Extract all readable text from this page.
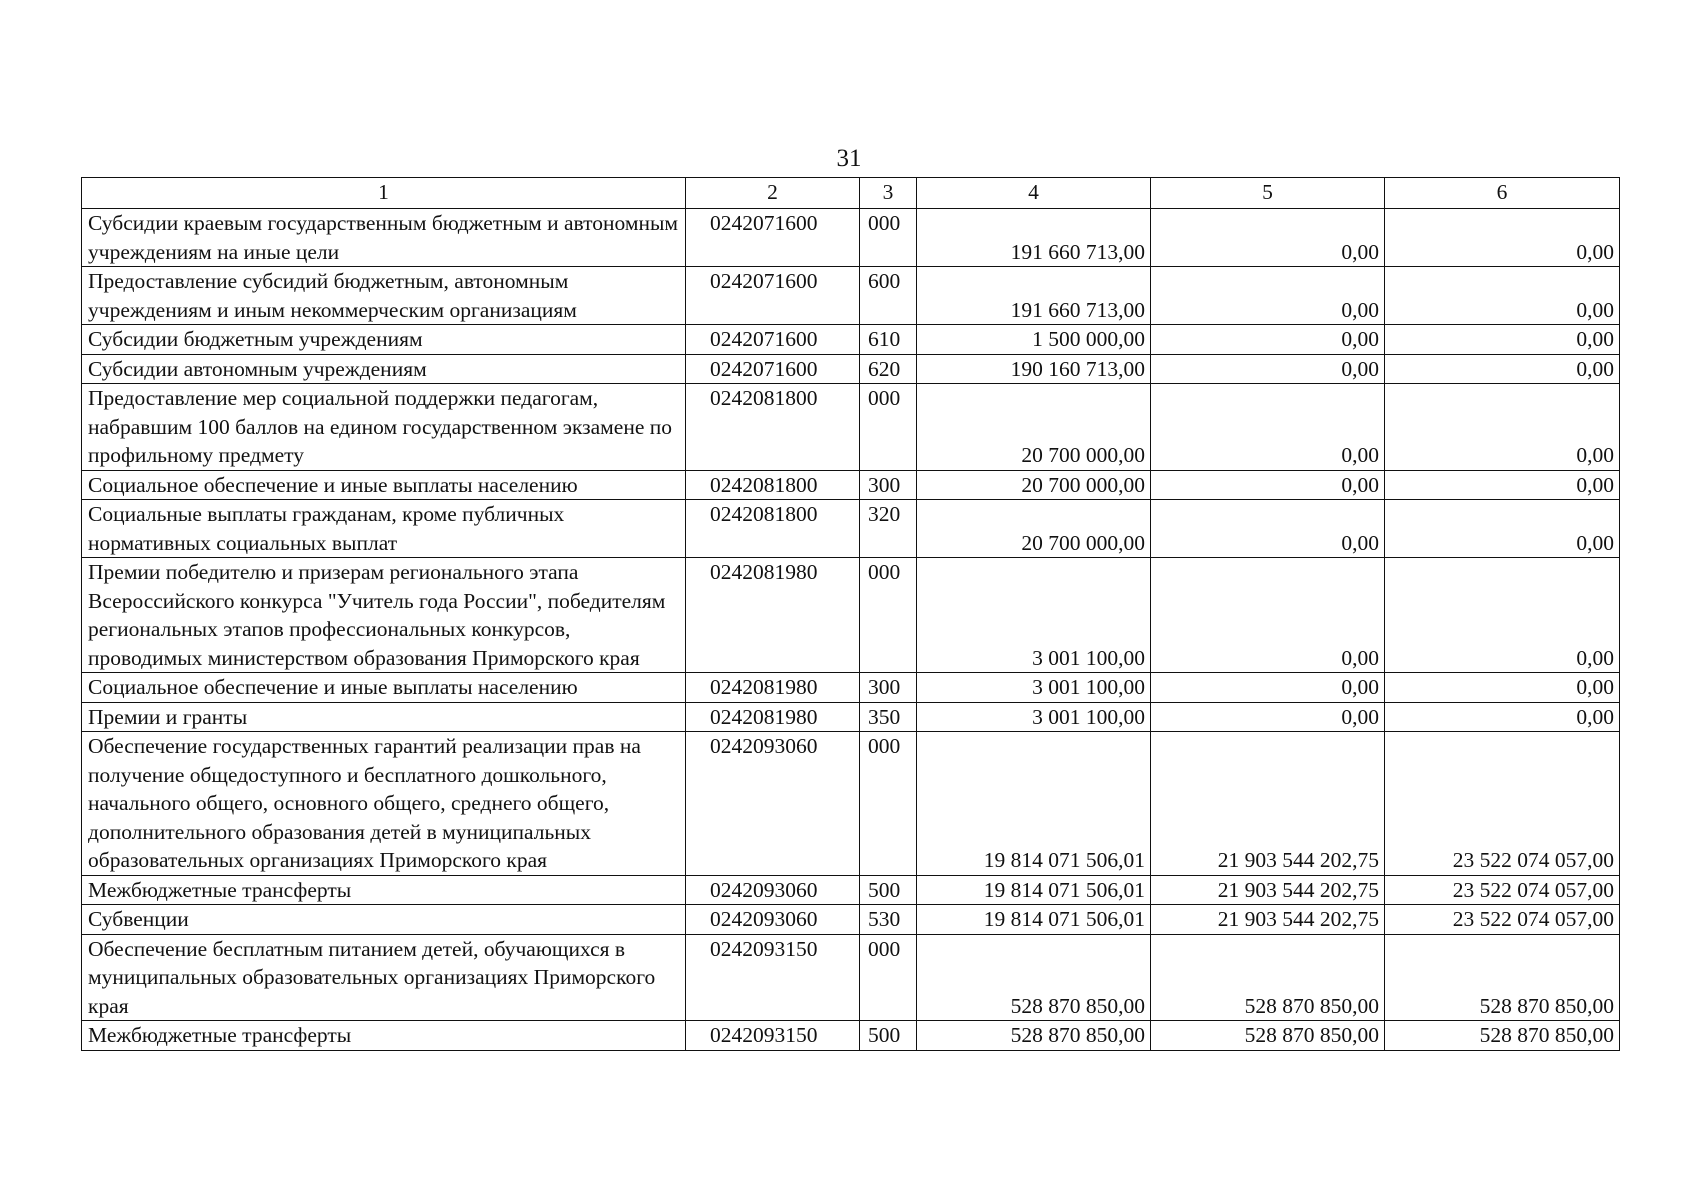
31
1	2	3	4	5	6
Субсидии краевым государственным бюджетным и автономным учреждениям на иные цели	0242071600	000	191 660 713,00	0,00	0,00
Предоставление субсидий бюджетным, автономным учреждениям и иным некоммерческим организациям	0242071600	600	191 660 713,00	0,00	0,00
Субсидии бюджетным учреждениям	0242071600	610	1 500 000,00	0,00	0,00
Субсидии автономным учреждениям	0242071600	620	190 160 713,00	0,00	0,00
Предоставление мер социальной поддержки педагогам, набравшим 100 баллов на едином государственном экзамене по профильному предмету	0242081800	000	20 700 000,00	0,00	0,00
Социальное обеспечение и иные выплаты населению	0242081800	300	20 700 000,00	0,00	0,00
Социальные выплаты гражданам, кроме публичных нормативных социальных выплат	0242081800	320	20 700 000,00	0,00	0,00
Премии победителю и призерам регионального этапа Всероссийского конкурса "Учитель года России", победителям региональных этапов профессиональных конкурсов, проводимых министерством образования Приморского края	0242081980	000	3 001 100,00	0,00	0,00
Социальное обеспечение и иные выплаты населению	0242081980	300	3 001 100,00	0,00	0,00
Премии и гранты	0242081980	350	3 001 100,00	0,00	0,00
Обеспечение государственных гарантий реализации прав на получение общедоступного и бесплатного дошкольного, начального общего, основного общего, среднего общего, дополнительного образования детей в муниципальных образовательных организациях Приморского края	0242093060	000	19 814 071 506,01	21 903 544 202,75	23 522 074 057,00
Межбюджетные трансферты	0242093060	500	19 814 071 506,01	21 903 544 202,75	23 522 074 057,00
Субвенции	0242093060	530	19 814 071 506,01	21 903 544 202,75	23 522 074 057,00
Обеспечение бесплатным питанием детей, обучающихся в муниципальных образовательных организациях Приморского края	0242093150	000	528 870 850,00	528 870 850,00	528 870 850,00
Межбюджетные трансферты	0242093150	500	528 870 850,00	528 870 850,00	528 870 850,00
